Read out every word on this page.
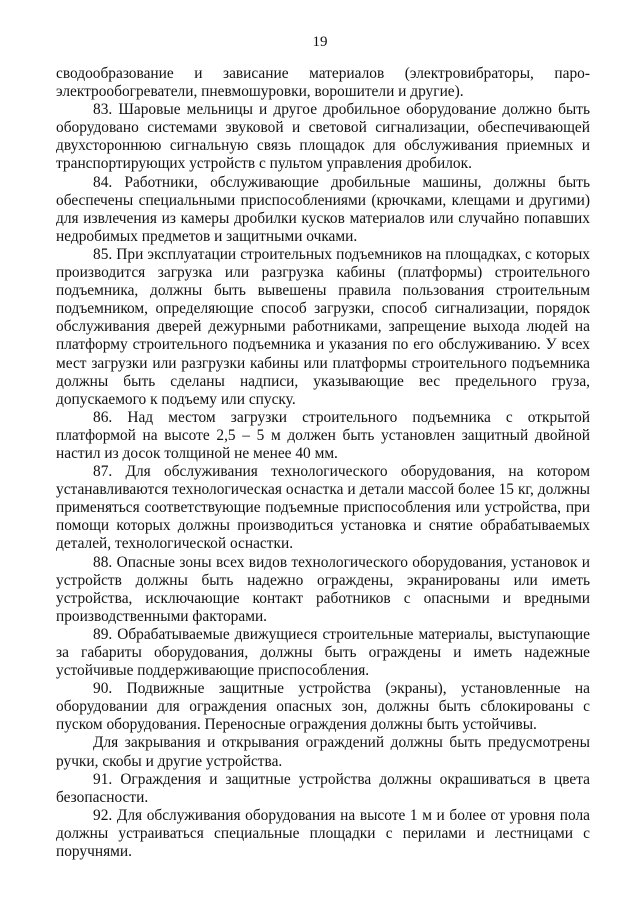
19

сводообразование и зависание материалов (электровибраторы, паро-электрообогреватели, пневмошуровки, ворошители и другие).

83. Шаровые мельницы и другое дробильное оборудование должно быть оборудовано системами звуковой и световой сигнализации, обеспечивающей двухстороннюю сигнальную связь площадок для обслуживания приемных и транспортирующих устройств с пультом управления дробилок.

84. Работники, обслуживающие дробильные машины, должны быть обеспечены специальными приспособлениями (крючками, клещами и другими) для извлечения из камеры дробилки кусков материалов или случайно попавших недробимых предметов и защитными очками.

85. При эксплуатации строительных подъемников на площадках, с которых производится загрузка или разгрузка кабины (платформы) строительного подъемника, должны быть вывешены правила пользования строительным подъемником, определяющие способ загрузки, способ сигнализации, порядок обслуживания дверей дежурными работниками, запрещение выхода людей на платформу строительного подъемника и указания по его обслуживанию. У всех мест загрузки или разгрузки кабины или платформы строительного подъемника должны быть сделаны надписи, указывающие вес предельного груза, допускаемого к подъему или спуску.

86. Над местом загрузки строительного подъемника с открытой платформой на высоте 2,5 – 5 м должен быть установлен защитный двойной настил из досок толщиной не менее 40 мм.

87. Для обслуживания технологического оборудования, на котором устанавливаются технологическая оснастка и детали массой более 15 кг, должны применяться соответствующие подъемные приспособления или устройства, при помощи которых должны производиться установка и снятие обрабатываемых деталей, технологической оснастки.

88. Опасные зоны всех видов технологического оборудования, установок и устройств должны быть надежно ограждены, экранированы или иметь устройства, исключающие контакт работников с опасными и вредными производственными факторами.

89. Обрабатываемые движущиеся строительные материалы, выступающие за габариты оборудования, должны быть ограждены и иметь надежные устойчивые поддерживающие приспособления.

90. Подвижные защитные устройства (экраны), установленные на оборудовании для ограждения опасных зон, должны быть сблокированы с пуском оборудования. Переносные ограждения должны быть устойчивы.

Для закрывания и открывания ограждений должны быть предусмотрены ручки, скобы и другие устройства.

91. Ограждения и защитные устройства должны окрашиваться в цвета безопасности.

92. Для обслуживания оборудования на высоте 1 м и более от уровня пола должны устраиваться специальные площадки с перилами и лестницами с поручнями.
